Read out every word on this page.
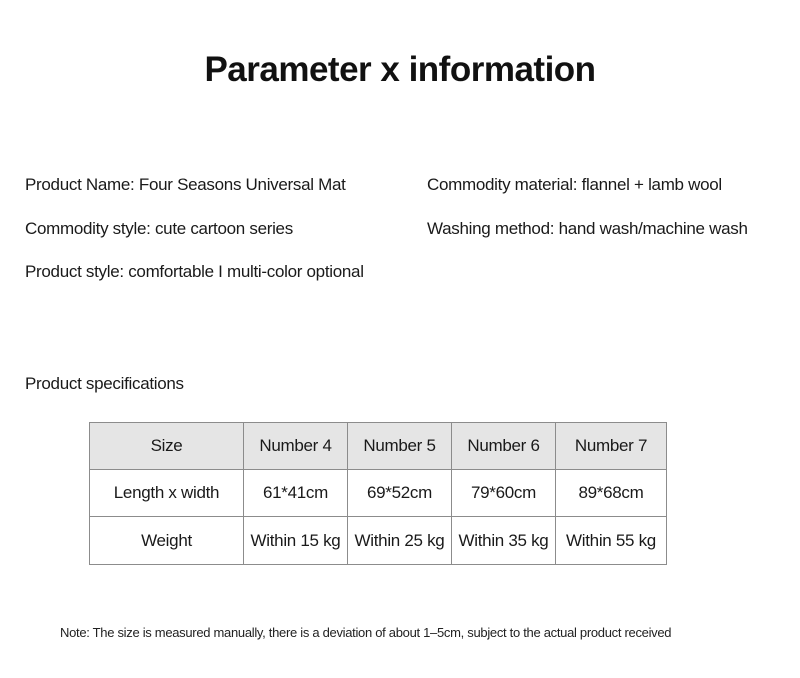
Parameter x information
Product Name: Four Seasons Universal Mat	Commodity material: flannel + lamb wool
Commodity style: cute cartoon series	Washing method: hand wash/machine wash
Product style: comfortable I multi-color optional
Product specifications
Size	Number 4	Number 5	Number 6	Number 7
Length x width	61*41cm	69*52cm	79*60cm	89*68cm
Weight	Within 15 kg	Within 25 kg	Within 35 kg	Within 55 kg
Note: The size is measured manually, there is a deviation of about 1–5cm, subject to the actual product received
